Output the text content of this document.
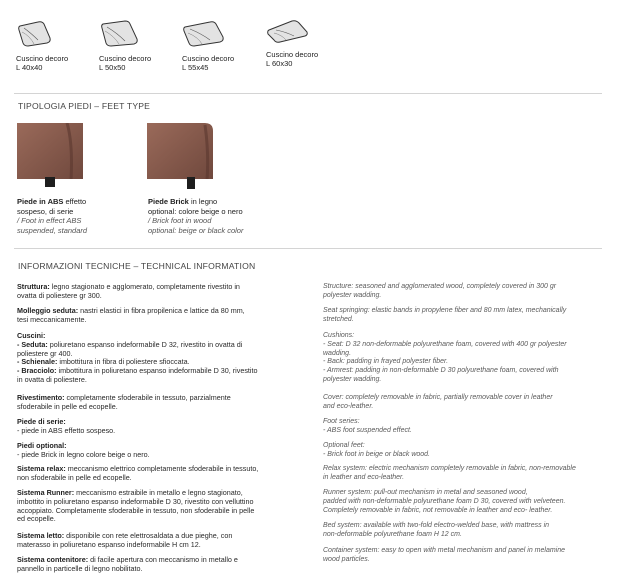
Cuscino decoro
L 40x40
Cuscino decoro
L 50x50
Cuscino decoro
L 55x45
Cuscino decoro
L 60x30
TIPOLOGIA PIEDI – FEET TYPE
Piede in ABS effetto
sospeso, di serie
/ Foot in effect ABS
suspended, standard
Piede Brick in legno
optional: colore beige o nero
/ Brick foot in wood
optional: beige or black color
INFORMAZIONI TECNICHE – TECHNICAL INFORMATION
Struttura: legno stagionato e agglomerato, completamente rivestito in
ovatta di poliestere gr 300.
Molleggio seduta: nastri elastici in fibra propilenica e lattice da 80 mm,
tesi meccanicamente.
Cuscini:
- Seduta: poliuretano espanso indeformabile D 32, rivestito in ovatta di
poliestere gr 400.
- Schienale: imbottitura in fibra di poliestere sfioccata.
- Bracciolo: imbottitura in poliuretano espanso indeformabile D 30, rivestito
in ovatta di poliestere.
Rivestimento: completamente sfoderabile in tessuto, parzialmente
sfoderabile in pelle ed ecopelle.
Piede di serie:
- piede in ABS effetto sospeso.
Piedi optional:
- piede Brick in legno colore beige o nero.
Sistema relax: meccanismo elettrico completamente sfoderabile in tessuto,
non sfoderabile in pelle ed ecopelle.
Sistema Runner: meccanismo estraibile in metallo e legno stagionato,
imbottito in poliuretano espanso indeformabile D 30, rivestito con velluttino
accoppiato. Completamente sfoderabile in tessuto, non sfoderabile in pelle
ed ecopelle.
Sistema letto: disponibile con rete elettrosaldata a due pieghe, con
materasso in poliuretano espanso indeformabile H cm 12.
Sistema contenitore: di facile apertura con meccanismo in metallo e
pannello in particelle di legno nobilitato.
Structure: seasoned and agglomerated wood, completely covered in 300 gr
polyester wadding.
Seat springing: elastic bands in propylene fiber and 80 mm latex, mechanically
stretched.
Cushions:
- Seat: D 32 non-deformable polyurethane foam, covered with 400 gr polyester
wadding.
- Back: padding in frayed polyester fiber.
- Armrest: padding in non-deformable D 30 polyurethane foam, covered with
polyester wadding.
Cover: completely removable in fabric, partially removable cover in leather
and eco-leather.
Foot series:
- ABS foot suspended effect.
Optional feet:
- Brick foot in beige or black wood.
Relax system: electric mechanism completely removable in fabric, non-removable
in leather and eco-leather.
Runner system: pull-out mechanism in metal and seasoned wood,
padded with non-deformable polyurethane foam D 30, covered with velveteen.
Completely removable in fabric, not removable in leather and eco- leather.
Bed system: available with two-fold electro-welded base, with mattress in
non-deformable polyurethane foam H 12 cm.
Container system: easy to open with metal mechanism and panel in melamine
wood particles.
